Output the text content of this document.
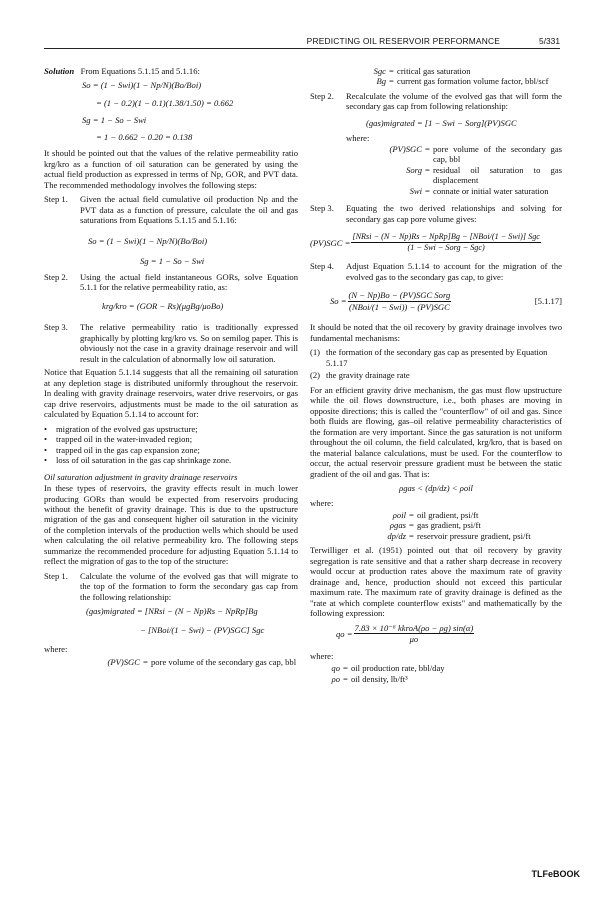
PREDICTING OIL RESERVOIR PERFORMANCE	5/331

Solution From Equations 5.1.15 and 5.1.16:

So = (1 − Swi)(1 − Np/N)(Bo/Boi)
= (1 − 0.2)(1 − 0.1)(1.38/1.50) = 0.662
Sg = 1 − So − Swi
= 1 − 0.662 − 0.20 = 0.138

It should be pointed out that the values of the relative permeability ratio krg/kro as a function of oil saturation can be generated by using the actual field production as expressed in terms of Np, GOR, and PVT data. The recommended methodology involves the following steps:

Step 1.	Given the actual field cumulative oil production Np and the PVT data as a function of pressure, calculate the oil and gas saturations from Equations 5.1.15 and 5.1.16:
So = (1 − Swi)(1 − Np/N)(Bo/Boi)
Sg = 1 − So − Swi
Step 2.	Using the actual field instantaneous GORs, solve Equation 5.1.1 for the relative permeability ratio, as:
krg/kro = (GOR − Rs)(μgBg/μoBo)
Step 3.	The relative permeability ratio is traditionally expressed graphically by plotting krg/kro vs. So on semilog paper. This is obviously not the case in a gravity drainage reservoir and will result in the calculation of abnormally low oil saturation.

Notice that Equation 5.1.14 suggests that all the remaining oil saturation at any depletion stage is distributed uniformly throughout the reservoir. In dealing with gravity drainage reservoirs, water drive reservoirs, or gas cap drive reservoirs, adjustments must be made to the oil saturation as calculated by Equation 5.1.14 to account for:

•	migration of the evolved gas upstructure;
•	trapped oil in the water-invaded region;
•	trapped oil in the gas cap expansion zone;
•	loss of oil saturation in the gas cap shrinkage zone.
Oil saturation adjustment in gravity drainage reservoirs

In these types of reservoirs, the gravity effects result in much lower producing GORs than would be expected from reservoirs producing without the benefit of gravity drainage. This is due to the upstructure migration of the gas and consequent higher oil saturation in the vicinity of the completion intervals of the production wells which should be used when calculating the oil relative permeability kro. The following steps summarize the recommended procedure for adjusting Equation 5.1.14 to reflect the migration of gas to the top of the structure:

Step 1.	Calculate the volume of the evolved gas that will migrate to the top of the formation to form the secondary gas cap from the following relationship:
(gas)migrated = [NRsi − (N − Np)Rs − NpRp]Bg
− [NBoi/(1 − Swi) − (PV)SGC] Sgc
where:
(PV)SGC = pore volume of the secondary gas cap, bbl
Sgc = critical gas saturation
Bg = current gas formation volume factor, bbl/scf
Step 2.	Recalculate the volume of the evolved gas that will form the secondary gas cap from following relationship:
(gas)migrated = [1 − Swi − Sorg](PV)SGC
where:
(PV)SGC = pore volume of the secondary gas cap, bbl
Sorg = residual oil saturation to gas displacement
Swi = connate or initial water saturation
Step 3.	Equating the two derived relationships and solving for secondary gas cap pore volume gives:
$(PV)SGC = \frac{\text{[NRsi − (N − Np)Rs − NpRp]Bg − [NBoi/(1 − Swi)] Sgc}}{\text{(1 − Swi − Sorg − Sgc)}}$
Step 4.	Adjust Equation 5.1.14 to account for the migration of the evolved gas to the secondary gas cap, to give:
$So = \frac{\text{(N − Np)Bo − (PV)SGC Sorg}}{\text{(NBoi/(1 − Swi)) − (PV)SGC}}$	[5.1.17]

It should be noted that the oil recovery by gravity drainage involves two fundamental mechanisms:

(1) the formation of the secondary gas cap as presented by Equation 5.1.17
(2) the gravity drainage rate

For an efficient gravity drive mechanism, the gas must flow upstructure while the oil flows downstructure, i.e., both phases are moving in opposite directions; this is called the "counterflow" of oil and gas. Since both fluids are flowing, gas–oil relative permeability characteristics of the formation are very important. Since the gas saturation is not uniform throughout the oil column, the field calculated, krg/kro, that is based on the material balance calculations, must be used. For the counterflow to occur, the actual reservoir pressure gradient must be between the static gradient of the oil and gas. That is:

ρgas < (dp/dz) < ρoil
where:
ρoil = oil gradient, psi/ft
ρgas = gas gradient, psi/ft
dp/dz = reservoir pressure gradient, psi/ft

Terwilliger et al. (1951) pointed out that oil recovery by gravity segregation is rate sensitive and that a rather sharp decrease in recovery would occur at production rates above the maximum rate of gravity drainage and, hence, production should not exceed this particular maximum rate. The maximum rate of gravity drainage is defined as the "rate at which complete counterflow exists" and mathematically by the following expression:

qo = $\frac{\text{7.83 × 10⁻⁶ kkroA(ρo − ρg) sin(α)}}{\mu o}$
where:
qo = oil production rate, bbl/day
ρo = oil density, lb/ft³
TLFeBOOK
